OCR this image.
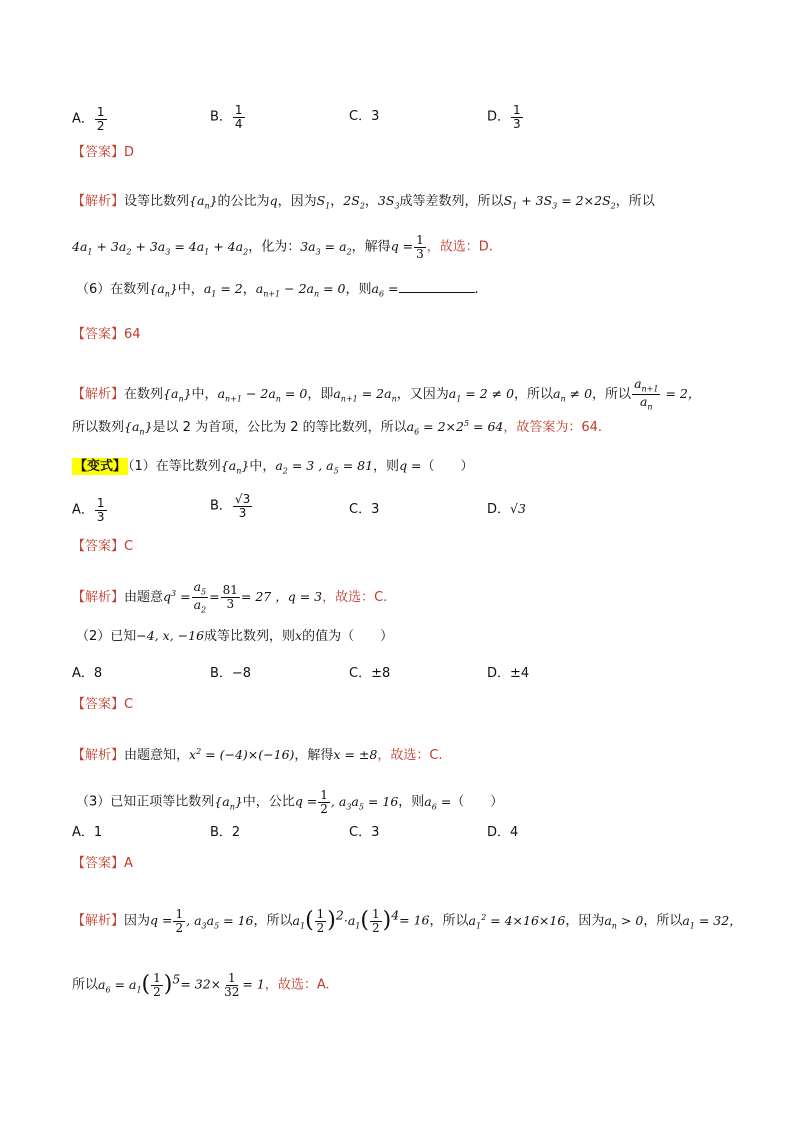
A． $\frac{1}{2}$	B． $\frac{1}{4}$	C．3	D． $\frac{1}{3}$
【答案】D
【解析】设等比数列$\{a_n\}$的公比为q，因为$S_1$，$2S_2$，$3S_3$成等差数列，所以$S_1 + 3S_3 = 2\times 2S_2$，所以
$4a_1 + 3a_2 + 3a_3 = 4a_1 + 4a_2$，化为：$3a_3 = a_2$，解得$q = \frac{1}{3}$ ，故选：D.
（6）在数列$\{a_n\}$中，$a_1 = 2$，$a_{n+1} - 2a_n = 0$，则$a_6$ =	.
【答案】64
【解析】在数列$\{a_n\}$中，$a_{n+1} - 2a_n = 0$，即$a_{n+1} = 2a_n$，又因为$a_1 = 2 \ne 0$，所以$a_n \ne 0$，所以 $\frac{a_{n+1}}{a_n} = 2$，
所以数列$\{a_n\}$是以 2 为首项，公比为 2 的等比数列，所以$a_6 = 2\times 2^5 = 64$，故答案为：64.
【变式】 （1）在等比数列$\{a_n\}$中，$a_2 = 3$ , $a_5 = 81$，则q =（　　）
A． $\frac{1}{3}$	B． $\frac{√3}{3}$	C．3	D．√3
【答案】C
【解析】由题意$q^3 = \frac{a_5}{a_2} = \frac{81}{3} = 27$ ，q = 3，故选：C.
（2）已知−4, x, −16成等比数列，则x的值为（　　）
A．8	B．−8	C．±8	D．±4
【答案】C
【解析】由题意知，$x^2 = (-4)\times(-16)$，解得x = ±8，故选：C.
（3）已知正项等比数列$\{a_n\}$中，公比$q = \frac{1}{2}$ , $a_3a_5 = 16$，则$a_6$ =（　　）
A．1	B．2	C．3	D．4
【答案】A
【解析】因为$q = \frac{1}{2}$ , $a_3a_5 = 16$，所以$a_1( \frac{1}{2} )^2\cdot a_1( \frac{1}{2} )^4= 16$，所以$a_1^2 = 4\times 16\times 16$，因为$a_n > 0$，所以$a_1 = 32$，
所以$a_6 = a_1( \frac{1}{2} )^5= 32\times \frac{1}{32} = 1$，故选：A.
